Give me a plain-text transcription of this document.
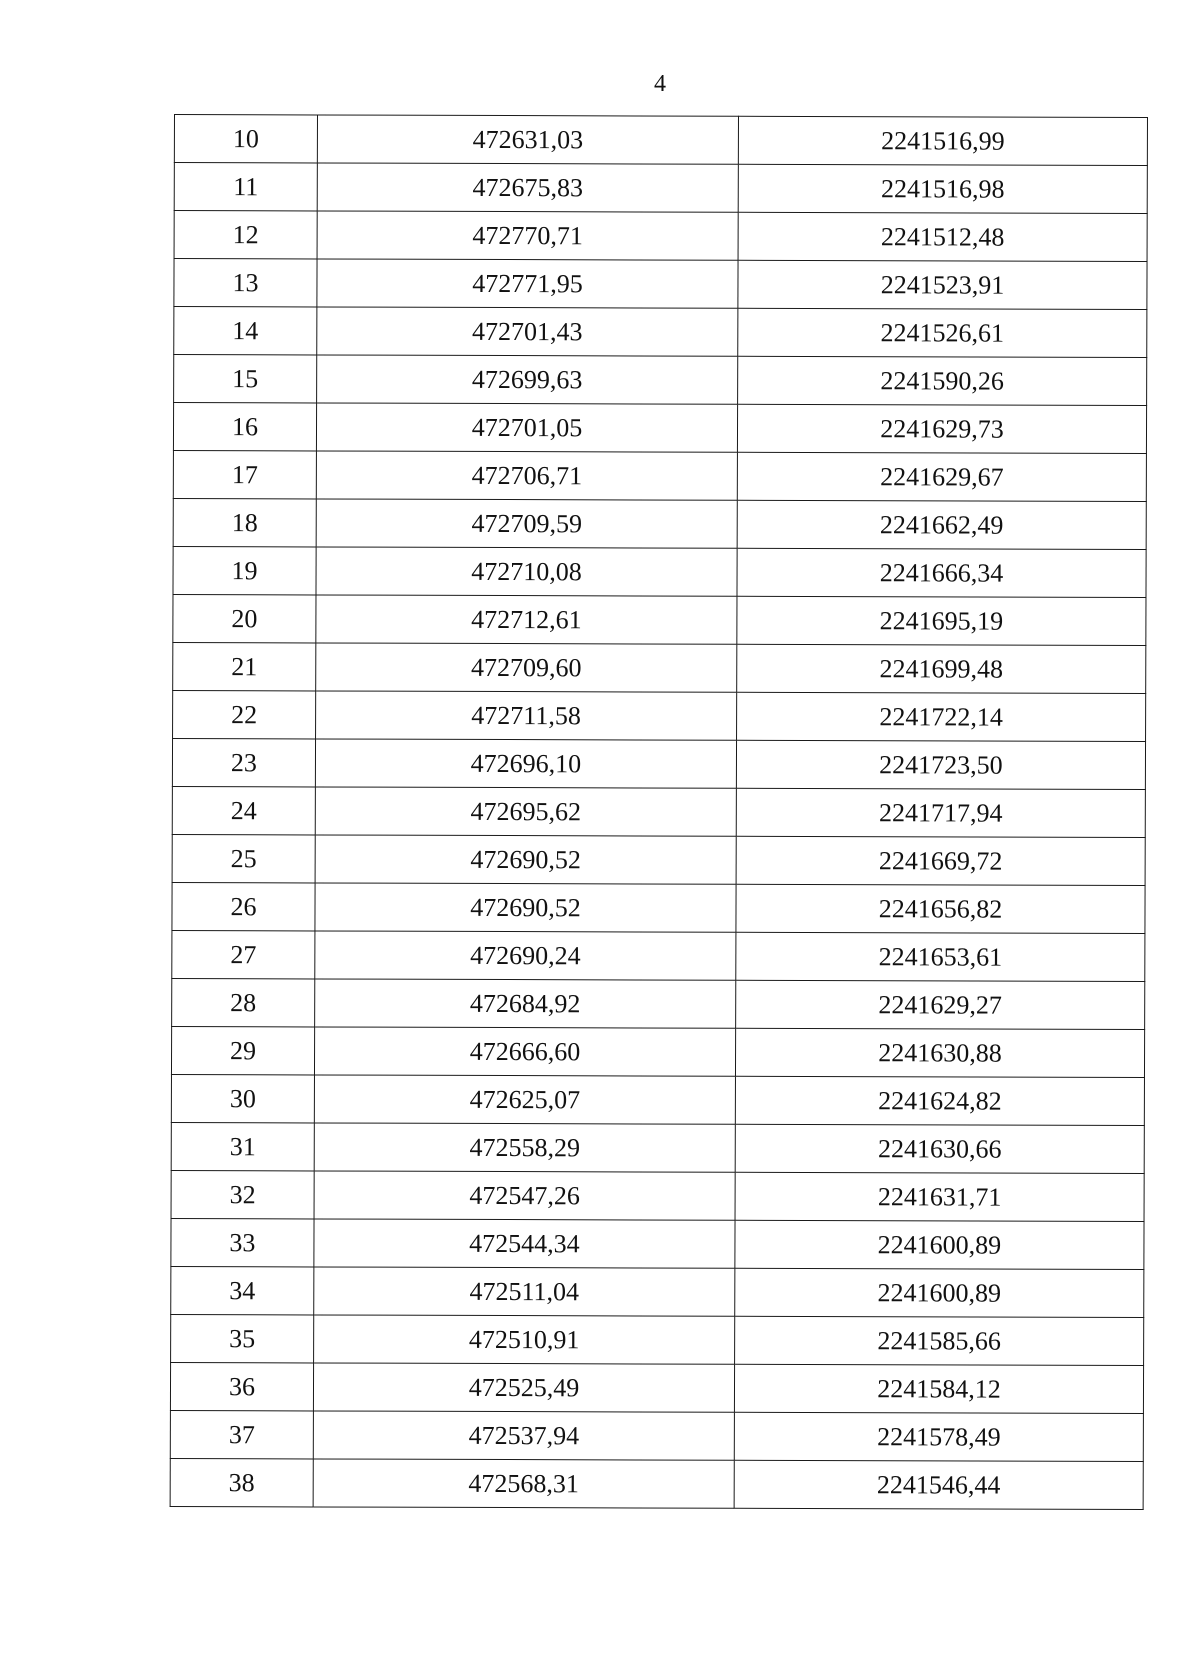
4
10	472631,03	2241516,99
11	472675,83	2241516,98
12	472770,71	2241512,48
13	472771,95	2241523,91
14	472701,43	2241526,61
15	472699,63	2241590,26
16	472701,05	2241629,73
17	472706,71	2241629,67
18	472709,59	2241662,49
19	472710,08	2241666,34
20	472712,61	2241695,19
21	472709,60	2241699,48
22	472711,58	2241722,14
23	472696,10	2241723,50
24	472695,62	2241717,94
25	472690,52	2241669,72
26	472690,52	2241656,82
27	472690,24	2241653,61
28	472684,92	2241629,27
29	472666,60	2241630,88
30	472625,07	2241624,82
31	472558,29	2241630,66
32	472547,26	2241631,71
33	472544,34	2241600,89
34	472511,04	2241600,89
35	472510,91	2241585,66
36	472525,49	2241584,12
37	472537,94	2241578,49
38	472568,31	2241546,44
